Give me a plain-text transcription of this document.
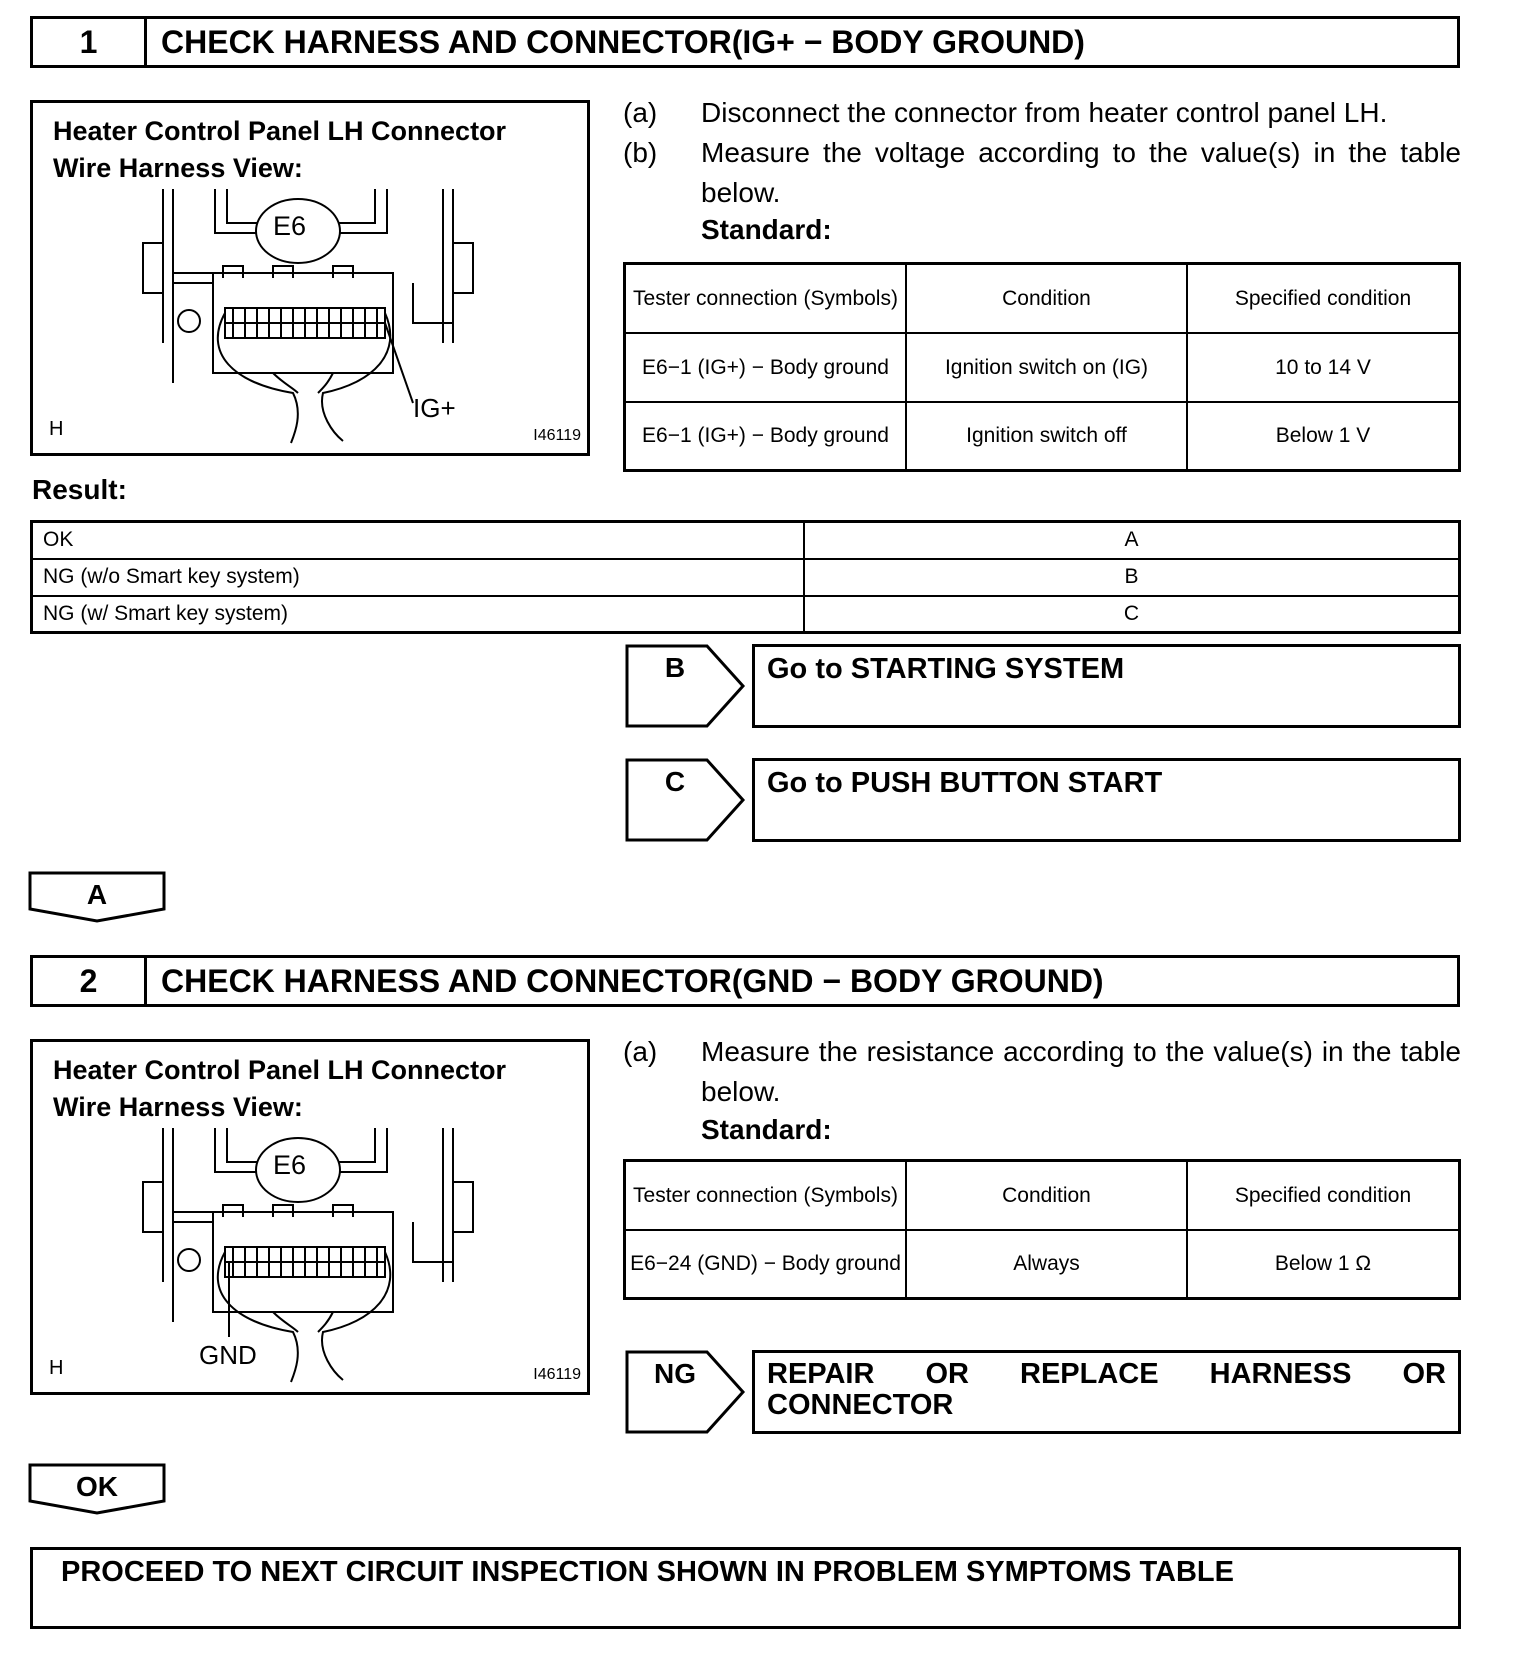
1	CHECK HARNESS AND CONNECTOR(IG+ − BODY GROUND)
Heater Control Panel LH Connector
Wire Harness View:
E6
IG+
H	I46119
(a) Disconnect the connector from heater control panel LH.
(b) Measure the voltage according to the value(s) in the table below.
Standard:
Tester connection (Symbols)	Condition	Specified condition
E6−1 (IG+) − Body ground	Ignition switch on (IG)	10 to 14 V
E6−1 (IG+) − Body ground	Ignition switch off	Below 1 V
Result:
OK	A
NG (w/o Smart key system)	B
NG (w/ Smart key system)	C
B	Go to STARTING SYSTEM
C	Go to PUSH BUTTON START
A
2	CHECK HARNESS AND CONNECTOR(GND − BODY GROUND)
Heater Control Panel LH Connector
Wire Harness View:
E6
GND
H	I46119
(a) Measure the resistance according to the value(s) in the table below.
Standard:
Tester connection (Symbols)	Condition	Specified condition
E6−24 (GND) − Body ground	Always	Below 1 Ω
NG	REPAIR OR REPLACE HARNESS OR CONNECTOR
OK
PROCEED TO NEXT CIRCUIT INSPECTION SHOWN IN PROBLEM SYMPTOMS TABLE
